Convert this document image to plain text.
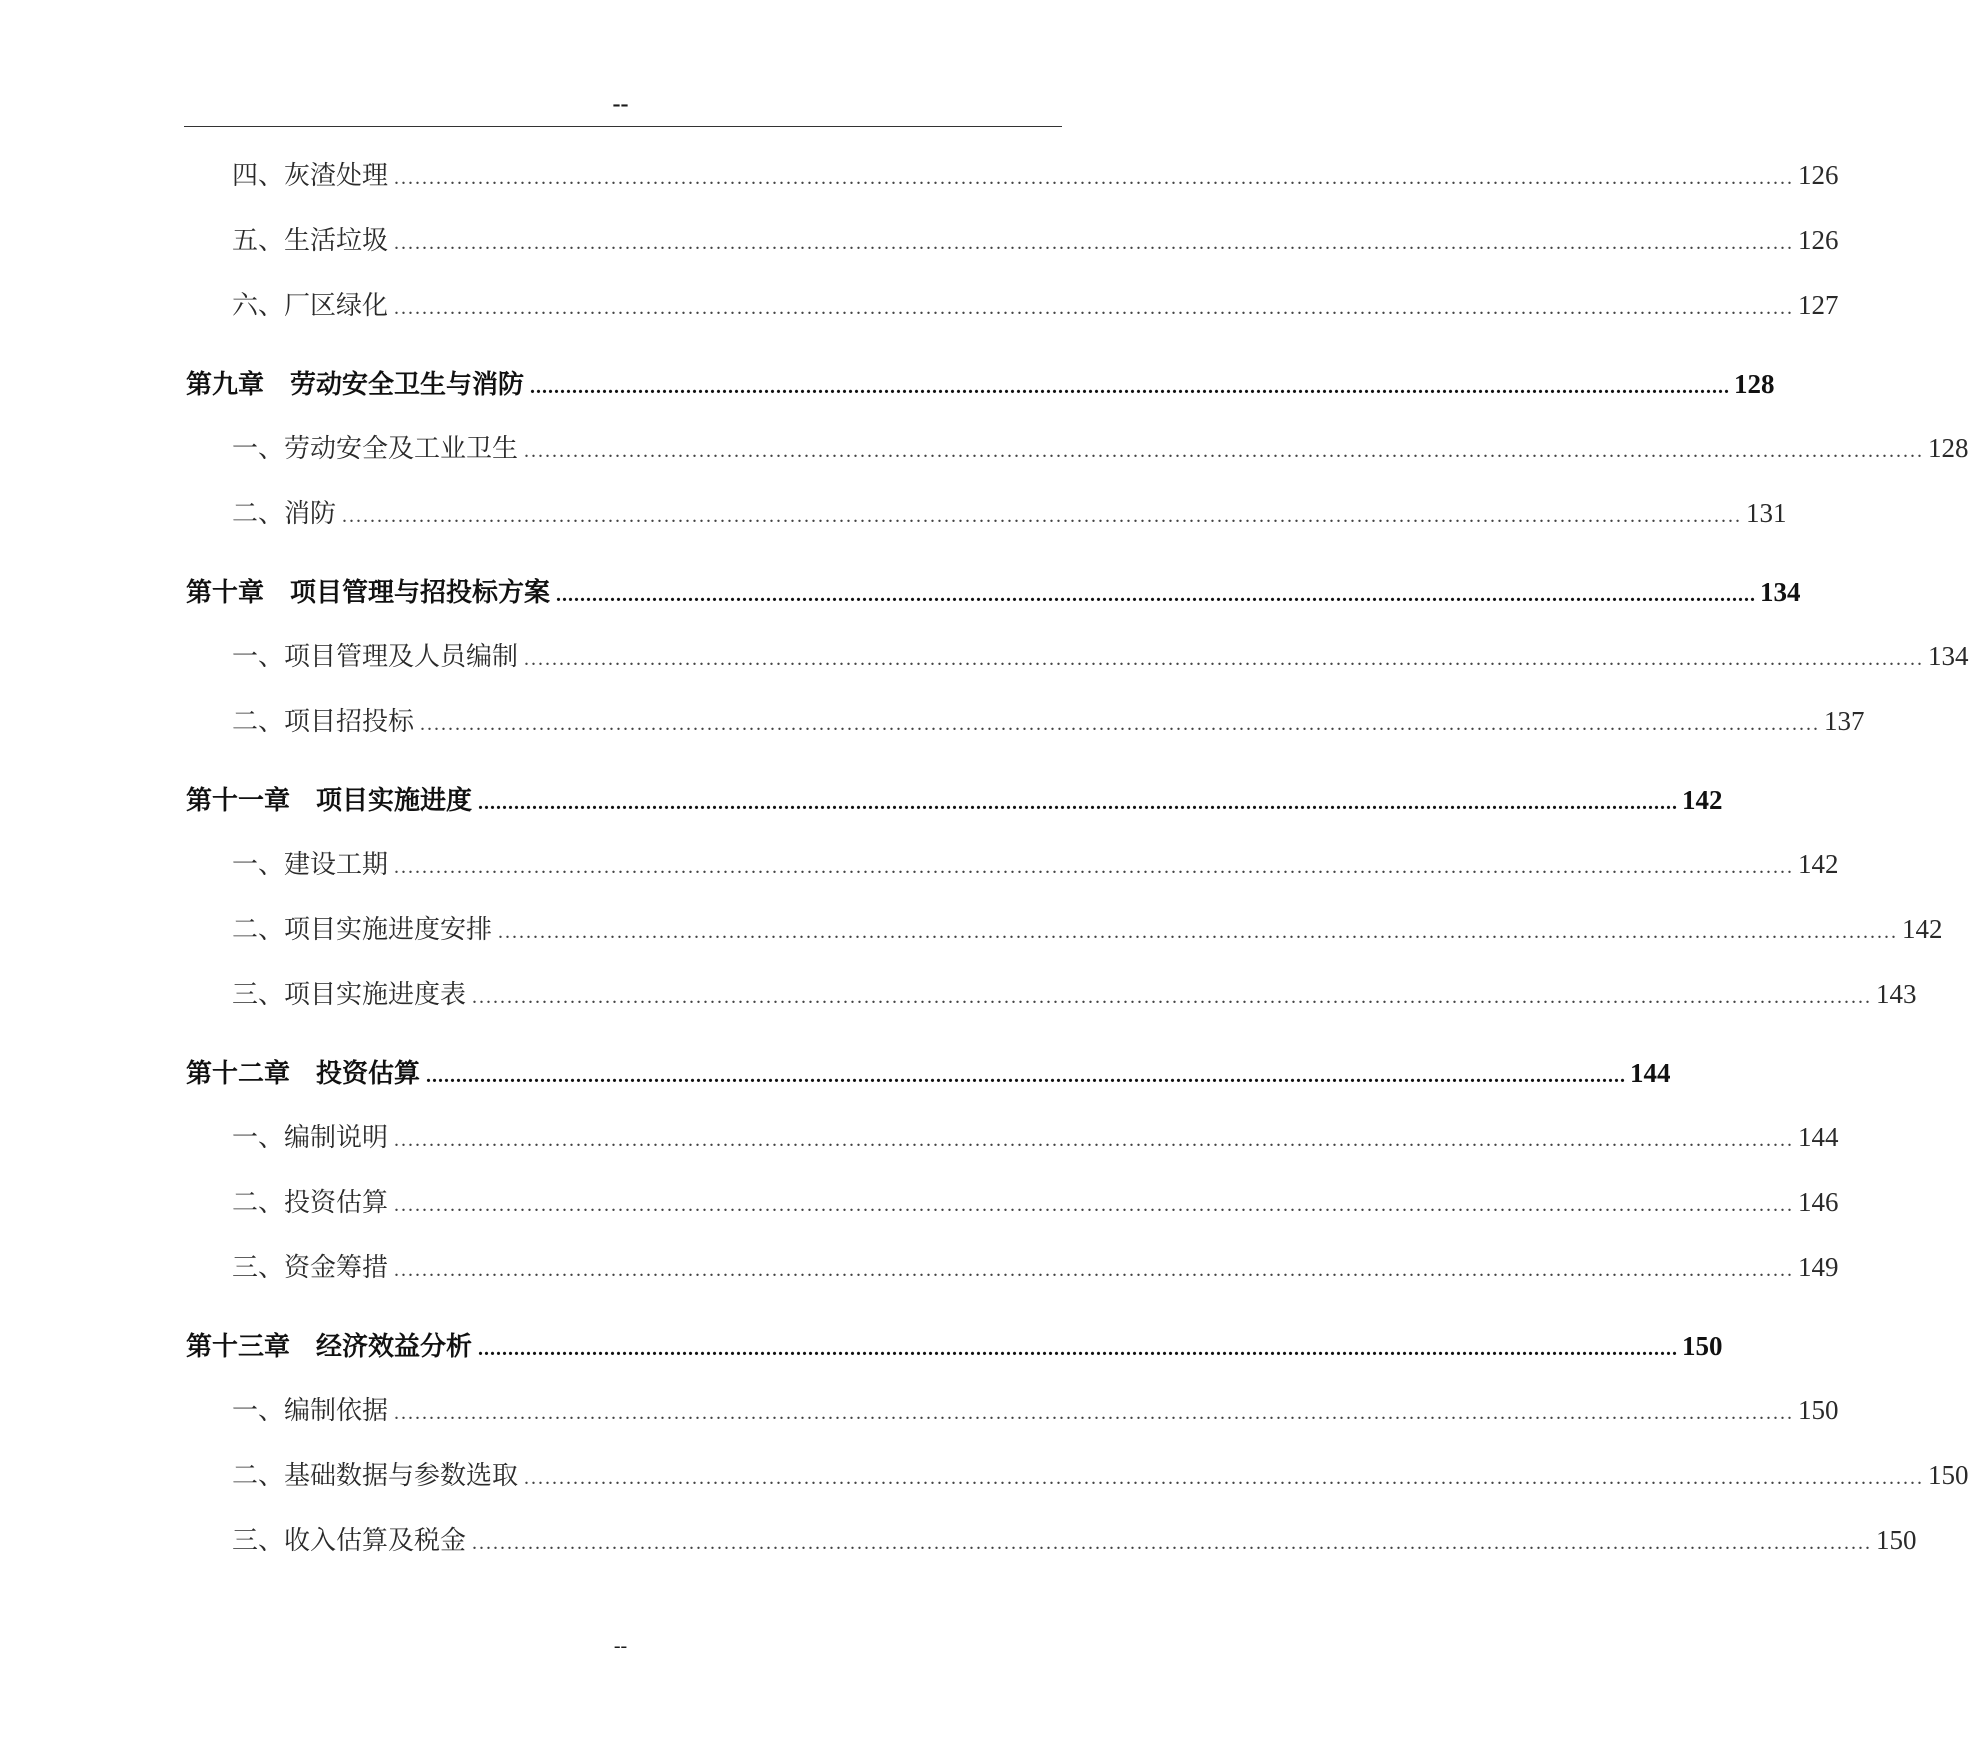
--
四、灰渣处理 ........................................................................................................................................................................................................ 126
五、生活垃圾 ........................................................................................................................................................................................................ 126
六、厂区绿化 ........................................................................................................................................................................................................ 127
第九章　劳动安全卫生与消防 ........................................................................................................................................................................................................ 128
一、劳动安全及工业卫生 ........................................................................................................................................................................................................ 128
二、消防 ........................................................................................................................................................................................................ 131
第十章　项目管理与招投标方案 ........................................................................................................................................................................................................ 134
一、项目管理及人员编制 ........................................................................................................................................................................................................ 134
二、项目招投标 ........................................................................................................................................................................................................ 137
第十一章　项目实施进度 ........................................................................................................................................................................................................ 142
一、建设工期 ........................................................................................................................................................................................................ 142
二、项目实施进度安排 ........................................................................................................................................................................................................ 142
三、项目实施进度表 ........................................................................................................................................................................................................ 143
第十二章　投资估算 ........................................................................................................................................................................................................ 144
一、编制说明 ........................................................................................................................................................................................................ 144
二、投资估算 ........................................................................................................................................................................................................ 146
三、资金筹措 ........................................................................................................................................................................................................ 149
第十三章　经济效益分析 ........................................................................................................................................................................................................ 150
一、编制依据 ........................................................................................................................................................................................................ 150
二、基础数据与参数选取 ........................................................................................................................................................................................................ 150
三、收入估算及税金 ........................................................................................................................................................................................................ 150
--
